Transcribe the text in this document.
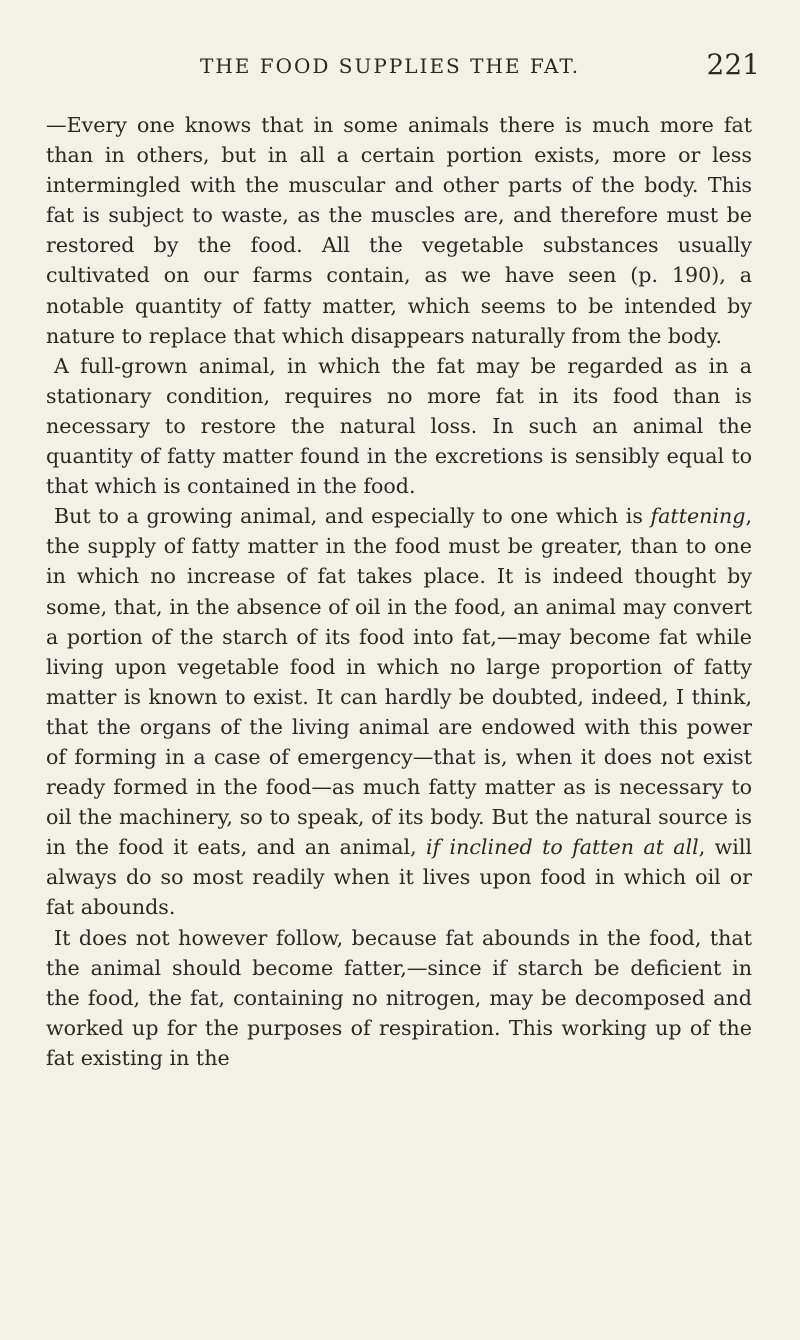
THE FOOD SUPPLIES THE FAT.	221

—Every one knows that in some animals there is much more fat than in others, but in all a certain portion exists, more or less intermingled with the muscular and other parts of the body. This fat is subject to waste, as the muscles are, and therefore must be restored by the food. All the vegetable substances usually cultivated on our farms contain, as we have seen (p. 190), a notable quantity of fatty matter, which seems to be intended by nature to replace that which disappears naturally from the body.

A full-grown animal, in which the fat may be regarded as in a stationary condition, requires no more fat in its food than is necessary to restore the natural loss. In such an animal the quantity of fatty matter found in the excretions is sensibly equal to that which is contained in the food.

But to a growing animal, and especially to one which is fattening, the supply of fatty matter in the food must be greater, than to one in which no increase of fat takes place. It is indeed thought by some, that, in the absence of oil in the food, an animal may convert a portion of the starch of its food into fat,—may become fat while living upon vegetable food in which no large proportion of fatty matter is known to exist. It can hardly be doubted, indeed, I think, that the organs of the living animal are endowed with this power of forming in a case of emergency—that is, when it does not exist ready formed in the food—as much fatty matter as is necessary to oil the machinery, so to speak, of its body. But the natural source is in the food it eats, and an animal, if inclined to fatten at all, will always do so most readily when it lives upon food in which oil or fat abounds.

It does not however follow, because fat abounds in the food, that the animal should become fatter,—since if starch be deficient in the food, the fat, containing no nitrogen, may be decomposed and worked up for the purposes of respiration. This working up of the fat existing in the
